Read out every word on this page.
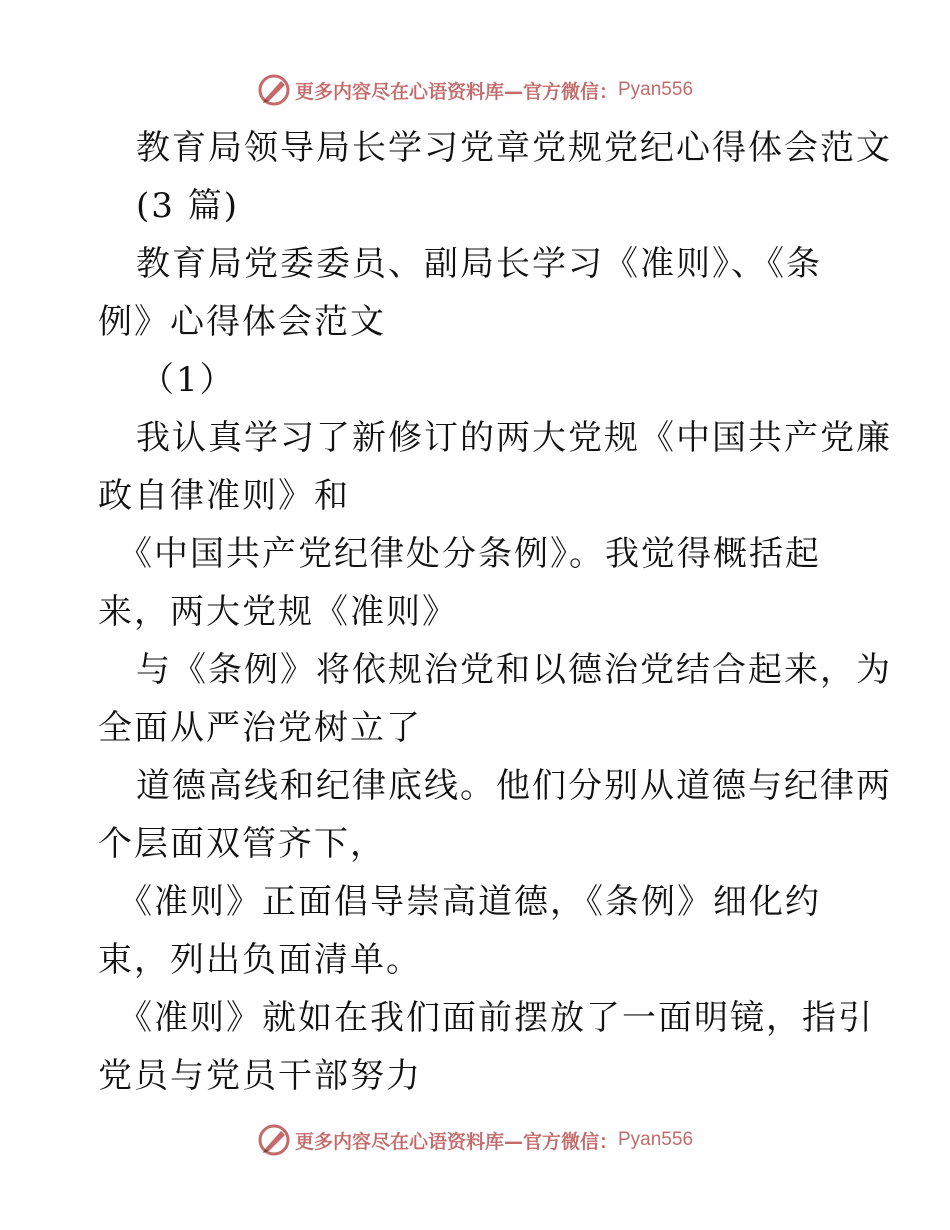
更多内容尽在心语资料库—官方微信： Pyan556
教育局领导局长学习党章党规党纪心得体会范文
(3 篇)
教育局党委委员、副局长学习《准则》、《条
例》心得体会范文
（1）
我认真学习了新修订的两大党规《中国共产党廉
政自律准则》和
《中国共产党纪律处分条例》。我觉得概括起
来，两大党规《准则》
与《条例》将依规治党和以德治党结合起来，为
全面从严治党树立了
道德高线和纪律底线。他们分别从道德与纪律两
个层面双管齐下，
《准则》正面倡导崇高道德，《条例》细化约
束，列出负面清单。
《准则》就如在我们面前摆放了一面明镜，指引
党员与党员干部努力
更多内容尽在心语资料库—官方微信： Pyan556
